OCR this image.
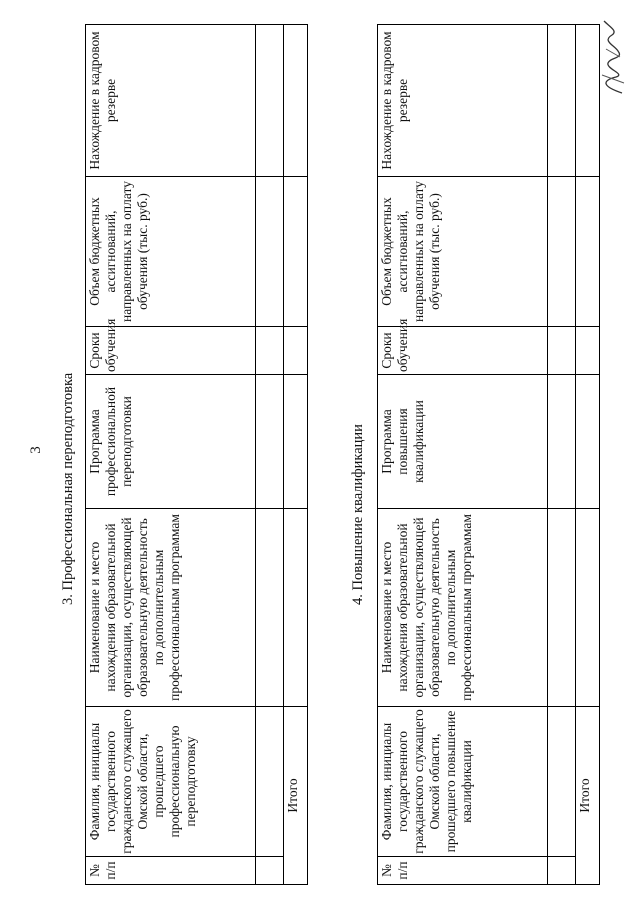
3 3. Профессиональная переподготовка
№ п/п	Фамилия, инициалы государственного гражданского служащего Омской области, прошедшего профессиональную переподготовку	Наименование и место нахождения образовательной организации, осуществляющей образовательную деятельность по дополнительным профессиональным программам	Программа профессиональной переподготовки	Сроки обучения	Объем бюджетных ассигнований, направленных на оплату обучения (тыс. руб.)	Нахождение в кадровом резерве

Итого						
4. Повышение квалификации
№ п/п	Фамилия, инициалы государственного гражданского служащего Омской области, прошедшего повышение квалификации	Наименование и место нахождения образовательной организации, осуществляющей образовательную деятельность по дополнительным профессиональным программам	Программа повышения квалификации	Сроки обучения	Объем бюджетных ассигнований, направленных на оплату обучения (тыс. руб.)	Нахождение в кадровом резерве

Итого						
